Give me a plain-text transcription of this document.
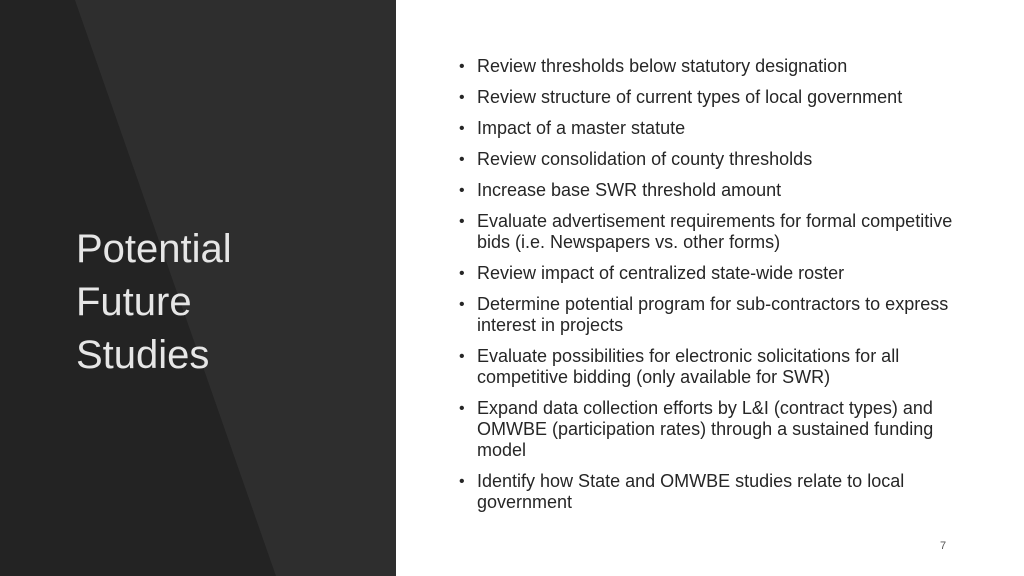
Potential
Future
Studies
• Review thresholds below statutory designation
• Review structure of current types of local government
• Impact of a master statute
• Review consolidation of county thresholds
• Increase base SWR threshold amount
• Evaluate advertisement requirements for formal competitive bids (i.e. Newspapers vs. other forms)
• Review impact of centralized state-wide roster
• Determine potential program for sub-contractors to express interest in projects
• Evaluate possibilities for electronic solicitations for all competitive bidding (only available for SWR)
• Expand data collection efforts by L&I (contract types) and OMWBE (participation rates) through a sustained funding model
• Identify how State and OMWBE studies relate to local government
7
